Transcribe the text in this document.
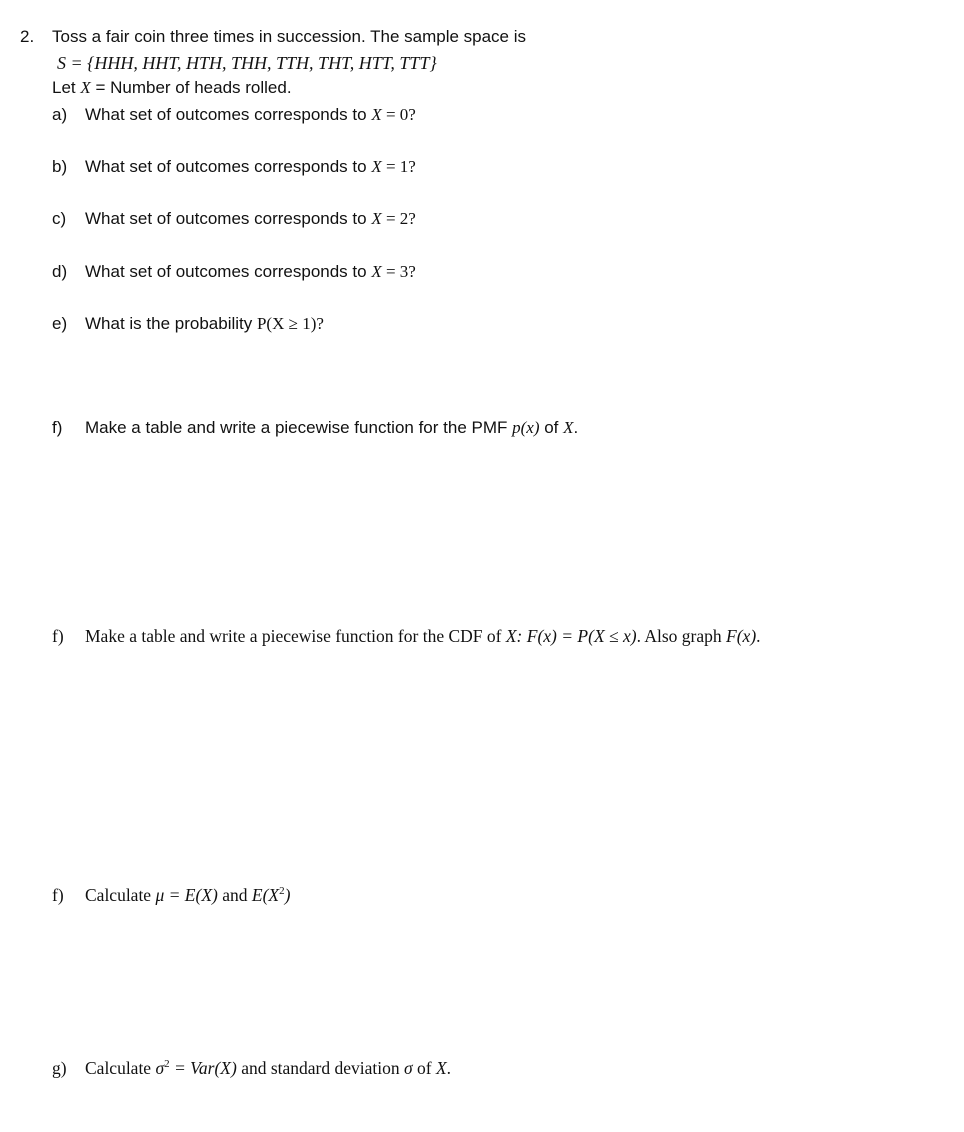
2. Toss a fair coin three times in succession. The sample space is
S = {HHH, HHT, HTH, THH, TTH, THT, HTT, TTT}
Let X = Number of heads rolled.
a) What set of outcomes corresponds to X = 0?
b) What set of outcomes corresponds to X = 1?
c) What set of outcomes corresponds to X = 2?
d) What set of outcomes corresponds to X = 3?
e) What is the probability P(X ≥ 1)?
f) Make a table and write a piecewise function for the PMF p(x) of X.
f) Make a table and write a piecewise function for the CDF of X: F(x) = P(X ≤ x). Also graph F(x).
f) Calculate μ = E(X) and $E(X^2)$
g) Calculate $\sigma^2 = Var(X)$ and standard deviation σ of X.
